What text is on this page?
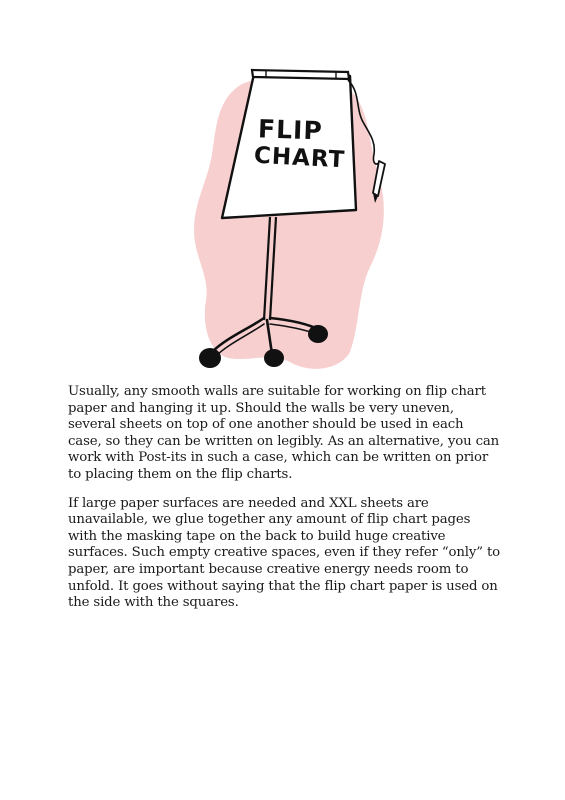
FLIP
CHART

Usually, any smooth walls are suitable for working on flip chart paper and hanging it up. Should the walls be very uneven, several sheets on top of one another should be used in each case, so they can be written on legibly. As an alternative, you can work with Post-its in such a case, which can be written on prior to placing them on the flip charts.

If large paper surfaces are needed and XXL sheets are unavailable, we glue together any amount of flip chart pages with the masking tape on the back to build huge creative surfaces. Such empty creative spaces, even if they refer “only” to paper, are important because creative energy needs room to unfold. It goes without saying that the flip chart paper is used on the side with the squares.
